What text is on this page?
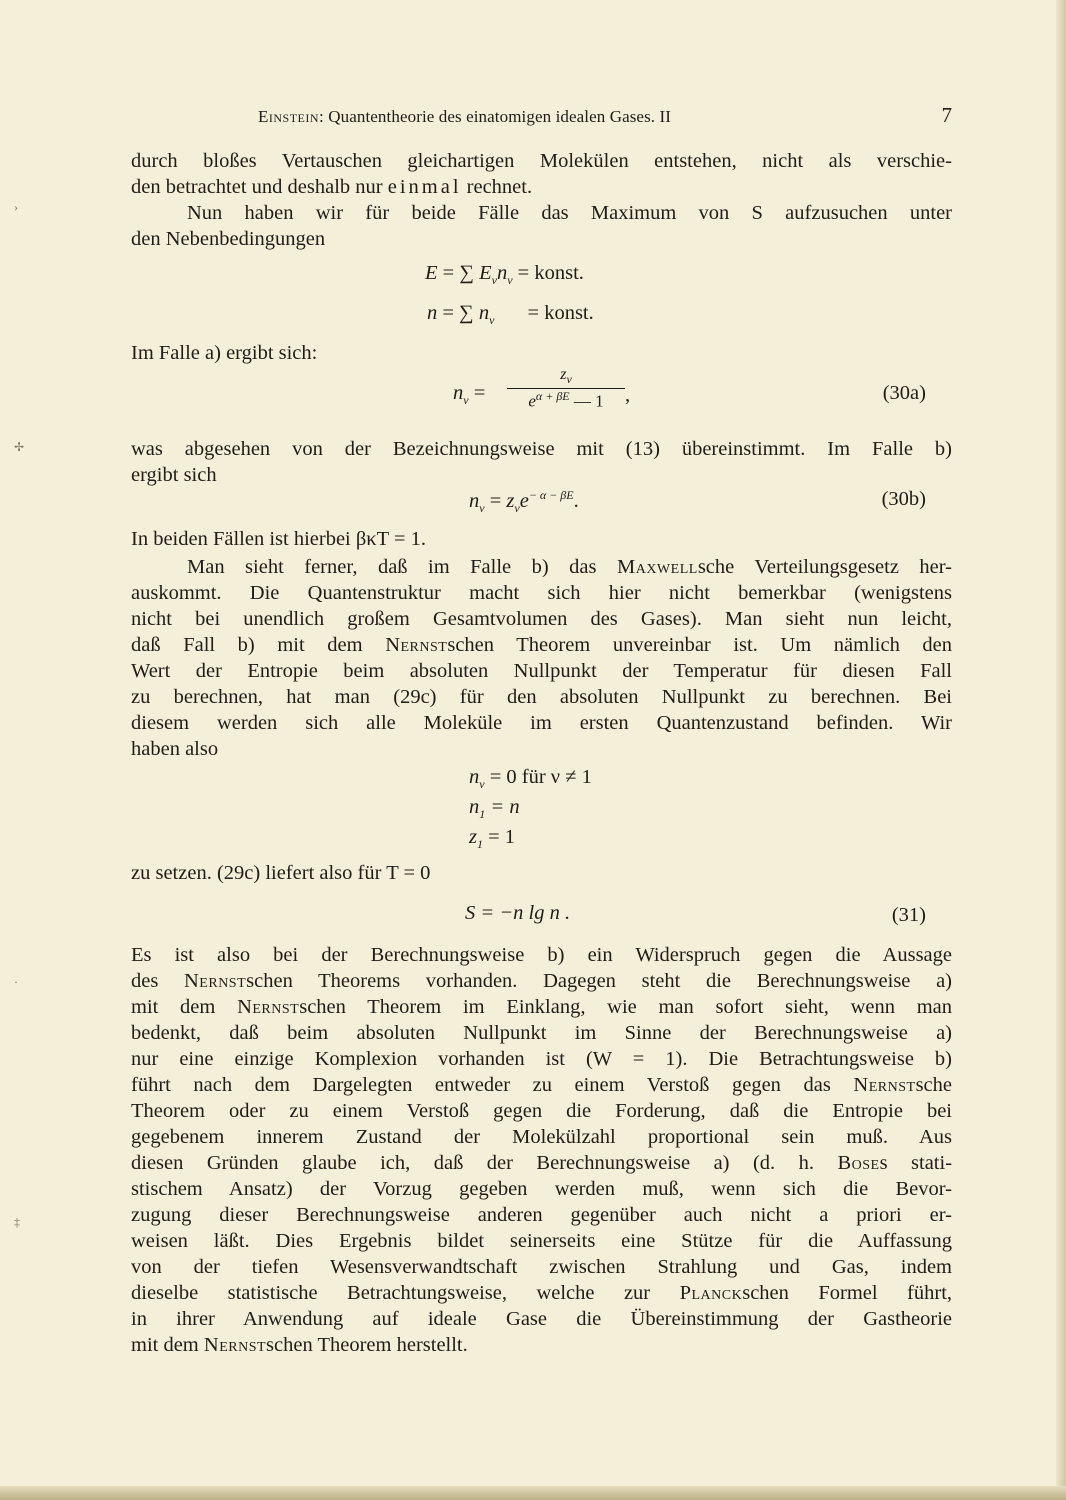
›
✢
·
‡
Einstein: Quantentheorie des einatomigen idealen Gases. II	7
durch bloßes Vertauschen gleichartigen Molekülen entstehen, nicht als verschie-
den betrachtet und deshalb nur einmal rechnet.
Nun haben wir für beide Fälle das Maximum von S aufzusuchen unter
den Nebenbedingungen
E = ∑ $E_\nu n_\nu$ = konst.
n = ∑ $n_\nu$ = konst.
Im Falle a) ergibt sich:
$n_\nu$ =
$z_\nu$
$e^{\alpha + \beta E}$ — 1	,	(30a)
was abgesehen von der Bezeichnungsweise mit (13) übereinstimmt. Im Falle b)
ergibt sich
$n_\nu = z_\nu e^{- \alpha - \beta E}$.	(30b)
In beiden Fällen ist hierbei βκT = 1.
Man sieht ferner, daß im Falle b) das Maxwellsche Verteilungsgesetz her-
auskommt. Die Quantenstruktur macht sich hier nicht bemerkbar (wenigstens
nicht bei unendlich großem Gesamtvolumen des Gases). Man sieht nun leicht,
daß Fall b) mit dem Nernstschen Theorem unvereinbar ist. Um nämlich den
Wert der Entropie beim absoluten Nullpunkt der Temperatur für diesen Fall
zu berechnen, hat man (29c) für den absoluten Nullpunkt zu berechnen. Bei
diesem werden sich alle Moleküle im ersten Quantenzustand befinden. Wir
haben also
$n_\nu = 0$ für ν ≠ 1
$n_1 = n$
$z_1 = 1$
zu setzen. (29c) liefert also für T = 0
S = −n lg n .	(31)
Es ist also bei der Berechnungsweise b) ein Widerspruch gegen die Aussage
des Nernstschen Theorems vorhanden. Dagegen steht die Berechnungsweise a)
mit dem Nernstschen Theorem im Einklang, wie man sofort sieht, wenn man
bedenkt, daß beim absoluten Nullpunkt im Sinne der Berechnungsweise a)
nur eine einzige Komplexion vorhanden ist (W = 1). Die Betrachtungsweise b)
führt nach dem Dargelegten entweder zu einem Verstoß gegen das Nernstsche
Theorem oder zu einem Verstoß gegen die Forderung, daß die Entropie bei
gegebenem innerem Zustand der Molekülzahl proportional sein muß. Aus
diesen Gründen glaube ich, daß der Berechnungsweise a) (d. h. Boses stati-
stischem Ansatz) der Vorzug gegeben werden muß, wenn sich die Bevor-
zugung dieser Berechnungsweise anderen gegenüber auch nicht a priori er-
weisen läßt. Dies Ergebnis bildet seinerseits eine Stütze für die Auffassung
von der tiefen Wesensverwandtschaft zwischen Strahlung und Gas, indem
dieselbe statistische Betrachtungsweise, welche zur Planckschen Formel führt,
in ihrer Anwendung auf ideale Gase die Übereinstimmung der Gastheorie
mit dem Nernstschen Theorem herstellt.
